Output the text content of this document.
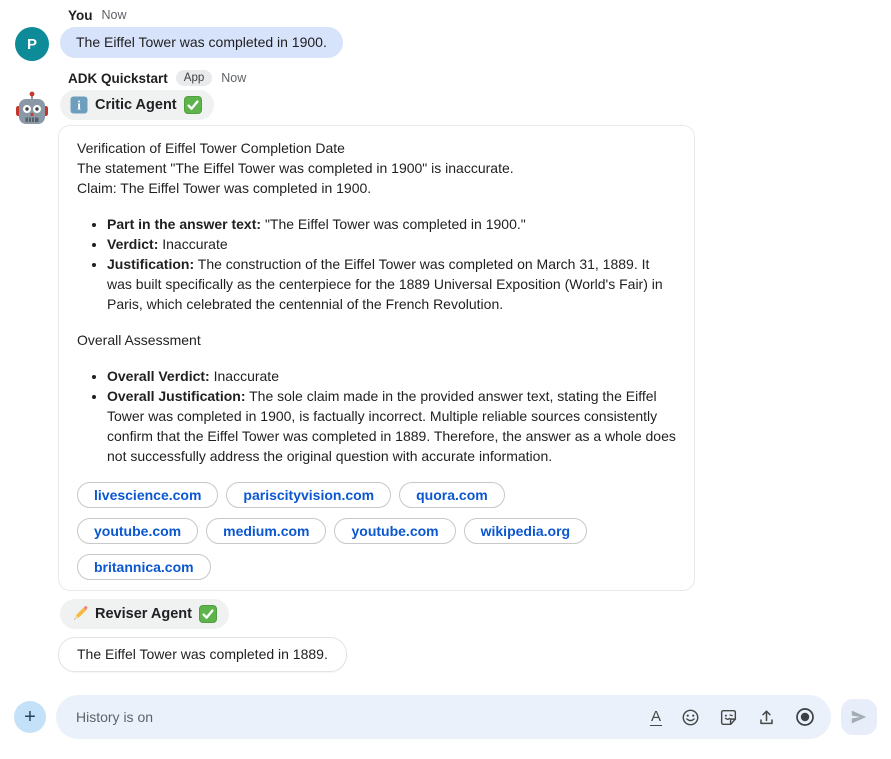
You Now
P	The Eiffel Tower was completed in 1900.
ADK Quickstart	App	Now
i Critic Agent
Verification of Eiffel Tower Completion Date
The statement "The Eiffel Tower was completed in 1900" is inaccurate.
Claim: The Eiffel Tower was completed in 1900.
• Part in the answer text: "The Eiffel Tower was completed in 1900."
• Verdict: Inaccurate
• Justification: The construction of the Eiffel Tower was completed on March 31, 1889. It was built specifically as the centerpiece for the 1889 Universal Exposition (World's Fair) in Paris, which celebrated the centennial of the French Revolution.

Overall Assessment

• Overall Verdict: Inaccurate
• Overall Justification: The sole claim made in the provided answer text, stating the Eiffel Tower was completed in 1900, is factually incorrect. Multiple reliable sources consistently confirm that the Eiffel Tower was completed in 1889. Therefore, the answer as a whole does not successfully address the original question with accurate information.
livescience.com	pariscityvision.com	quora.com
youtube.com	medium.com	youtube.com	wikipedia.org
britannica.com
Reviser Agent
The Eiffel Tower was completed in 1889.
+
History is on	A
